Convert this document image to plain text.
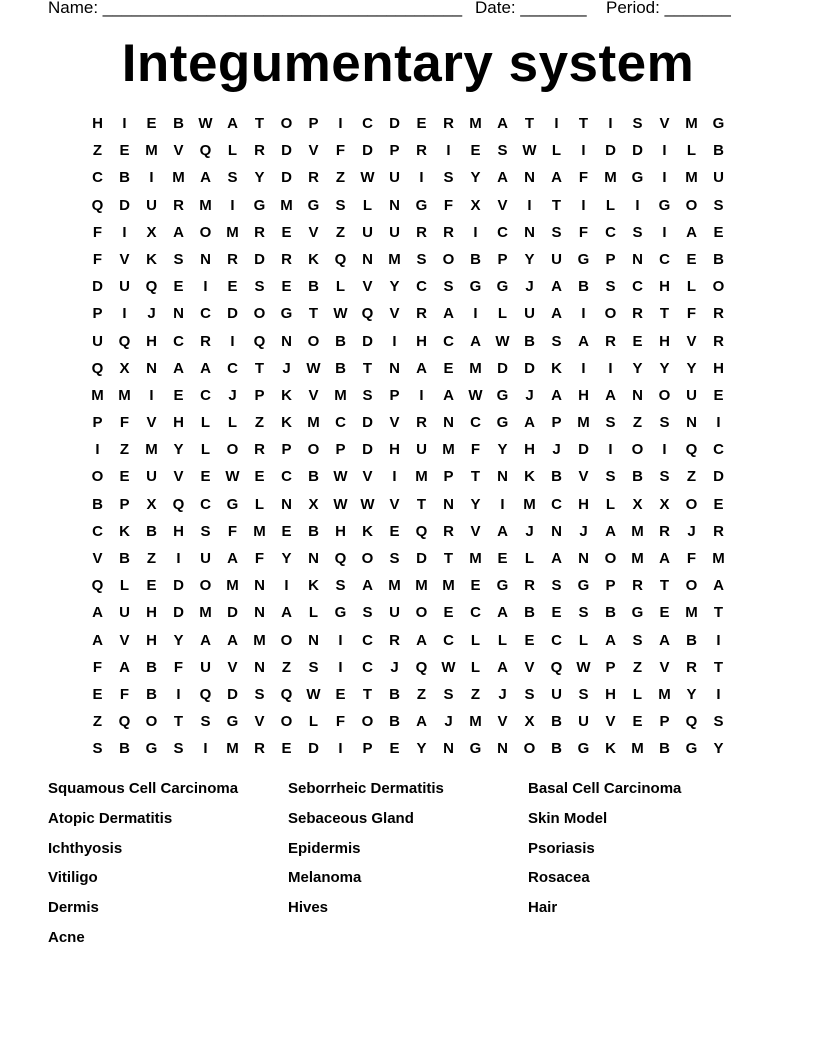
Name: ______________________________________ Date: _______ Period: _______
Integumentary system
H	I	E	B W A	T	O	P	I	C	D	E	R	M	A	T	I	T	I	S	V	M G
Z	E	M	V	Q	L	R	D	V	F	D	P	R	I	E	S W	L	I	D	D	I	L	B
C	B	I	M	A	S	Y	D	R	Z	W U	I	S	Y	A	N	A	F	M G	I	M	U
Q	D	U	R	M	I	G M G	S	L	N	G	F	X	V	I	T	I	L	I	G	O	S
F	I	X	A	O M	R	E	V	Z	U	U	R	R	I	C	N	S	F	C	S	I	A	E
F	V	K	S	N	R	D	R	K	Q	N	M	S	O	B	P	Y	U	G	P	N	C	E	B
D	U	Q	E	I	E	S	E	B	L	V	Y	C	S	G	G	J	A	B	S	C	H	L	O
P	I	J	N	C	D	O	G	T	W Q	V	R	A	I	L	U	A	I	O	R	T	F	R
U	Q	H	C	R	I	Q	N	O	B	D	I	H	C	A W B	S	A	R	E	H	V	R
Q	X	N	A	A	C	T	J	W B	T	N	A	E	M	D	D	K	I	I	Y	Y	Y	H
M M	I	E	C	J	P	K	V	M	S	P	I	A W G	J	A	H	A	N	O	U	E
P	F	V	H	L	L	Z	K	M	C	D	V	R	N	C	G	A	P	M	S	Z	S	N	I
I	Z	M	Y	L	O	R	P	O	P	D	H	U	M	F	Y	H	J	D	I	O	I	Q	C
O	E	U	V	E W E	C	B W V	I	M	P	T	N	K	B	V	S	B	S	Z	D
B	P	X	Q	C	G	L	N	X W W V	T	N	Y	I	M	C	H	L	X	X	O	E
C	K	B	H	S	F	M	E	B	H	K	E	Q	R	V	A	J	N	J	A	M	R	J	R
V	B	Z	I	U	A	F	Y	N	Q	O	S	D	T	M	E	L	A	N	O M	A	F	M
Q	L	E	D	O M	N	I	K	S	A	M M M	E	G	R	S	G	P	R	T	O	A
A	U	H	D	M	D	N	A	L	G	S	U	O	E	C	A	B	E	S	B	G	E	M	T
A	V	H	Y	A	A	M O	N	I	C	R	A	C	L	L	E	C	L	A	S	A	B	I
F	A	B	F	U	V	N	Z	S	I	C	J	Q W	L	A	V	Q W P	Z	V	R	T
E	F	B	I	Q	D	S	Q W E	T	B	Z	S	Z	J	S	U	S	H	L	M	Y	I
Z	Q	O	T	S	G	V	O	L	F	O	B	A	J	M	V	X	B	U	V	E	P	Q	S
S	B	G	S	I	M	R	E	D	I	P	E	Y	N	G	N	O	B	G	K	M	B	G	Y
Squamous Cell Carcinoma	Seborrheic Dermatitis	Basal Cell Carcinoma
Atopic Dermatitis	Sebaceous Gland	Skin Model
Ichthyosis	Epidermis	Psoriasis
Vitiligo	Melanoma	Rosacea
Dermis	Hives	Hair
Acne
